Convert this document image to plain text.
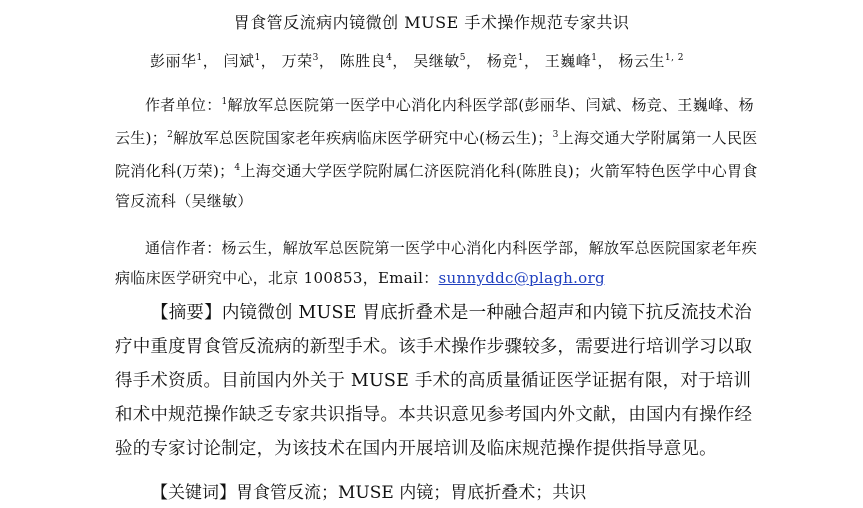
胃食管反流病内镜微创 MUSE 手术操作规范专家共识
彭丽华$^1$， 闫斌$^1$， 万荣$^3$， 陈胜良$^4$， 吴继敏$^5$， 杨竞$^1$， 王巍峰$^1$， 杨云生$^{1, 2}$
作者单位：$^1$解放军总医院第一医学中心消化内科医学部(彭丽华、闫斌、杨竞、王巍峰、杨云生)；$^2$解放军总医院国家老年疾病临床医学研究中心(杨云生)；$^3$上海交通大学附属第一人民医院消化科(万荣)；$^4$上海交通大学医学院附属仁济医院消化科(陈胜良)；火箭军特色医学中心胃食管反流科（吴继敏）
通信作者：杨云生，解放军总医院第一医学中心消化内科医学部，解放军总医院国家老年疾病临床医学研究中心，北京 100853，Email：sunnyddc@plagh.org
【摘要】内镜微创 MUSE 胃底折叠术是一种融合超声和内镜下抗反流技术治疗中重度胃食管反流病的新型手术。该手术操作步骤较多，需要进行培训学习以取得手术资质。目前国内外关于 MUSE 手术的高质量循证医学证据有限，对于培训和术中规范操作缺乏专家共识指导。本共识意见参考国内外文献，由国内有操作经验的专家讨论制定，为该技术在国内开展培训及临床规范操作提供指导意见。
【关键词】胃食管反流；MUSE 内镜；胃底折叠术；共识
